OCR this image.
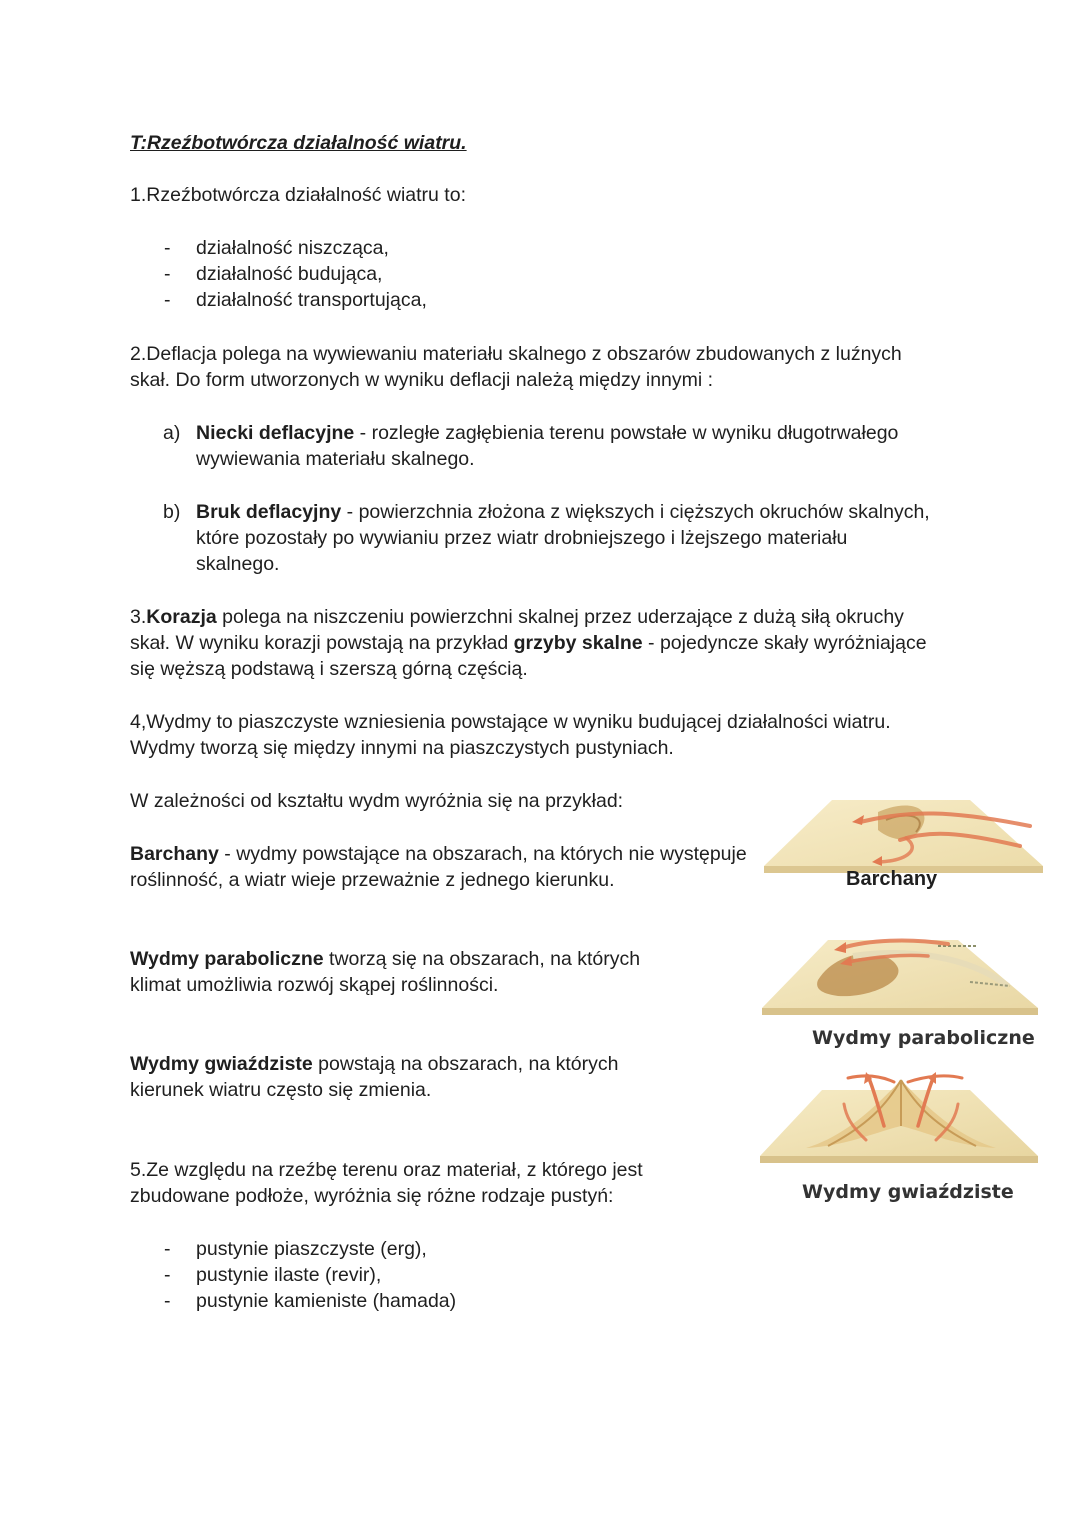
T:Rzeźbotwórcza działalność wiatru.
1.Rzeźbotwórcza działalność wiatru to:
- działalność niszcząca,
- działalność budująca,
- działalność transportująca,
2.Deflacja polega na wywiewaniu materiału skalnego z obszarów zbudowanych z luźnych
skał. Do form utworzonych w wyniku deflacji należą między innymi :
a) Niecki deflacyjne - rozległe zagłębienia terenu powstałe w wyniku długotrwałego
wywiewania materiału skalnego.
b) Bruk deflacyjny - powierzchnia złożona z większych i cięższych okruchów skalnych,
które pozostały po wywianiu przez wiatr drobniejszego i lżejszego materiału
skalnego.
3.Korazja polega na niszczeniu powierzchni skalnej przez uderzające z dużą siłą okruchy
skał. W wyniku korazji powstają na przykład grzyby skalne - pojedyncze skały wyróżniające
się węższą podstawą i szerszą górną częścią.
4,Wydmy to piaszczyste wzniesienia powstające w wyniku budującej działalności wiatru.
Wydmy tworzą się między innymi na piaszczystych pustyniach.
W zależności od kształtu wydm wyróżnia się na przykład:
Barchany - wydmy powstające na obszarach, na których nie występuje
roślinność, a wiatr wieje przeważnie z jednego kierunku.
Wydmy paraboliczne tworzą się na obszarach, na których
klimat umożliwia rozwój skąpej roślinności.
Wydmy gwiaździste powstają na obszarach, na których
kierunek wiatru często się zmienia.
5.Ze względu na rzeźbę terenu oraz materiał, z którego jest
zbudowane podłoże, wyróżnia się różne rodzaje pustyń:
- pustynie piaszczyste (erg),
- pustynie ilaste (revir),
- pustynie kamieniste (hamada)
Barchany
Wydmy paraboliczne
Wydmy gwiaździste
